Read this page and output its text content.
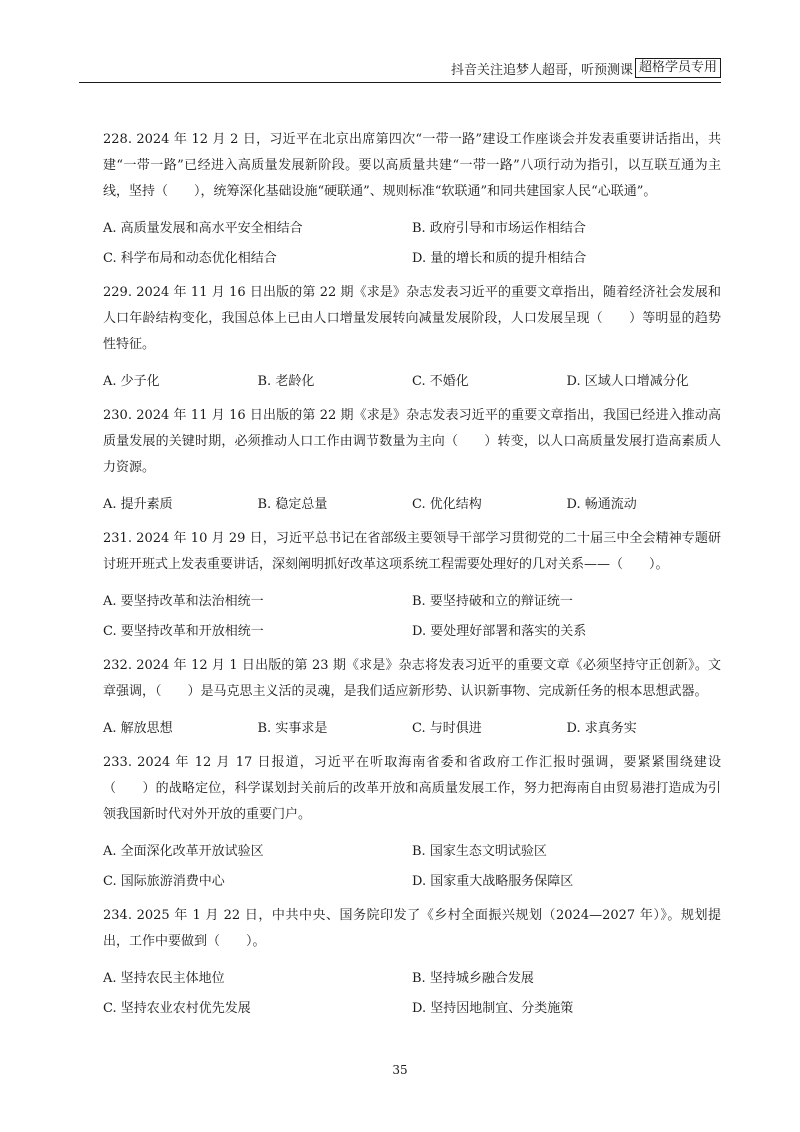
抖音关注追梦人超哥，听预测课 超格学员专用

228. 2024 年 12 月 2 日，习近平在北京出席第四次“一带一路”建设工作座谈会并发表重要讲话指出，共建“一带一路”已经进入高质量发展新阶段。要以高质量共建“一带一路”八项行动为指引，以互联互通为主线，坚持（　　），统筹深化基础设施“硬联通”、规则标准“软联通”和同共建国家人民“心联通”。

A. 高质量发展和高水平安全相结合	B. 政府引导和市场运作相结合
C. 科学布局和动态优化相结合	D. 量的增长和质的提升相结合

229. 2024 年 11 月 16 日出版的第 22 期《求是》杂志发表习近平的重要文章指出，随着经济社会发展和人口年龄结构变化，我国总体上已由人口增量发展转向减量发展阶段，人口发展呈现（　　）等明显的趋势性特征。

A. 少子化	B. 老龄化	C. 不婚化	D. 区域人口增减分化

230. 2024 年 11 月 16 日出版的第 22 期《求是》杂志发表习近平的重要文章指出，我国已经进入推动高质量发展的关键时期，必须推动人口工作由调节数量为主向（　　）转变，以人口高质量发展打造高素质人力资源。

A. 提升素质	B. 稳定总量	C. 优化结构	D. 畅通流动

231. 2024 年 10 月 29 日，习近平总书记在省部级主要领导干部学习贯彻党的二十届三中全会精神专题研讨班开班式上发表重要讲话，深刻阐明抓好改革这项系统工程需要处理好的几对关系——（　　）。

A. 要坚持改革和法治相统一	B. 要坚持破和立的辩证统一
C. 要坚持改革和开放相统一	D. 要处理好部署和落实的关系

232. 2024 年 12 月 1 日出版的第 23 期《求是》杂志将发表习近平的重要文章《必须坚持守正创新》。文章强调，（　　）是马克思主义活的灵魂，是我们适应新形势、认识新事物、完成新任务的根本思想武器。

A. 解放思想	B. 实事求是	C. 与时俱进	D. 求真务实

233. 2024 年 12 月 17 日报道，习近平在听取海南省委和省政府工作汇报时强调，要紧紧围绕建设（　　）的战略定位，科学谋划封关前后的改革开放和高质量发展工作，努力把海南自由贸易港打造成为引领我国新时代对外开放的重要门户。

A. 全面深化改革开放试验区	B. 国家生态文明试验区
C. 国际旅游消费中心	D. 国家重大战略服务保障区

234. 2025 年 1 月 22 日，中共中央、国务院印发了《乡村全面振兴规划（2024—2027 年）》。规划提出，工作中要做到（　　）。

A. 坚持农民主体地位	B. 坚持城乡融合发展
C. 坚持农业农村优先发展	D. 坚持因地制宜、分类施策
35
